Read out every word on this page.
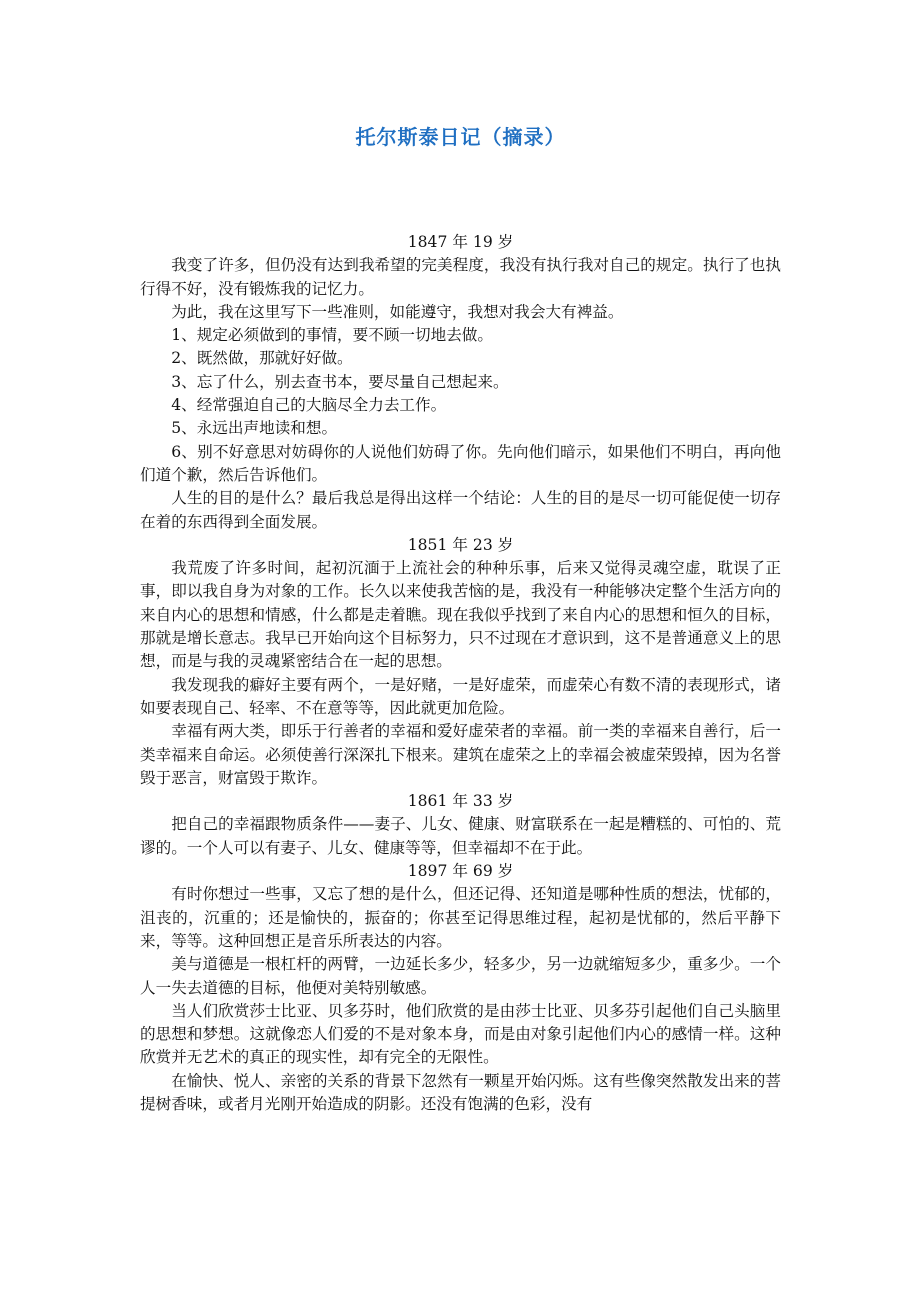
托尔斯泰日记（摘录）

1847 年 19 岁

我变了许多，但仍没有达到我希望的完美程度，我没有执行我对自己的规定。执行了也执行得不好，没有锻炼我的记忆力。

为此，我在这里写下一些准则，如能遵守，我想对我会大有裨益。

1、规定必须做到的事情，要不顾一切地去做。

2、既然做，那就好好做。

3、忘了什么，别去查书本，要尽量自己想起来。

4、经常强迫自己的大脑尽全力去工作。

5、永远出声地读和想。

6、别不好意思对妨碍你的人说他们妨碍了你。先向他们暗示，如果他们不明白，再向他们道个歉，然后告诉他们。

人生的目的是什么？最后我总是得出这样一个结论：人生的目的是尽一切可能促使一切存在着的东西得到全面发展。

1851 年 23 岁

我荒废了许多时间，起初沉湎于上流社会的种种乐事，后来又觉得灵魂空虚，耽误了正事，即以我自身为对象的工作。长久以来使我苦恼的是，我没有一种能够决定整个生活方向的来自内心的思想和情感，什么都是走着瞧。现在我似乎找到了来自内心的思想和恒久的目标，那就是增长意志。我早已开始向这个目标努力，只不过现在才意识到，这不是普通意义上的思想，而是与我的灵魂紧密结合在一起的思想。

我发现我的癖好主要有两个，一是好赌，一是好虚荣，而虚荣心有数不清的表现形式，诸如要表现自己、轻率、不在意等等，因此就更加危险。

幸福有两大类，即乐于行善者的幸福和爱好虚荣者的幸福。前一类的幸福来自善行，后一类幸福来自命运。必须使善行深深扎下根来。建筑在虚荣之上的幸福会被虚荣毁掉，因为名誉毁于恶言，财富毁于欺诈。

1861 年 33 岁

把自己的幸福跟物质条件——妻子、儿女、健康、财富联系在一起是糟糕的、可怕的、荒谬的。一个人可以有妻子、儿女、健康等等，但幸福却不在于此。

1897 年 69 岁

有时你想过一些事，又忘了想的是什么，但还记得、还知道是哪种性质的想法，忧郁的，沮丧的，沉重的；还是愉快的，振奋的；你甚至记得思维过程，起初是忧郁的，然后平静下来，等等。这种回想正是音乐所表达的内容。

美与道德是一根杠杆的两臂，一边延长多少，轻多少，另一边就缩短多少，重多少。一个人一失去道德的目标，他便对美特别敏感。

当人们欣赏莎士比亚、贝多芬时，他们欣赏的是由莎士比亚、贝多芬引起他们自己头脑里的思想和梦想。这就像恋人们爱的不是对象本身，而是由对象引起他们内心的感情一样。这种欣赏并无艺术的真正的现实性，却有完全的无限性。

在愉快、悦人、亲密的关系的背景下忽然有一颗星开始闪烁。这有些像突然散发出来的菩提树香味，或者月光刚开始造成的阴影。还没有饱满的色彩，没有
